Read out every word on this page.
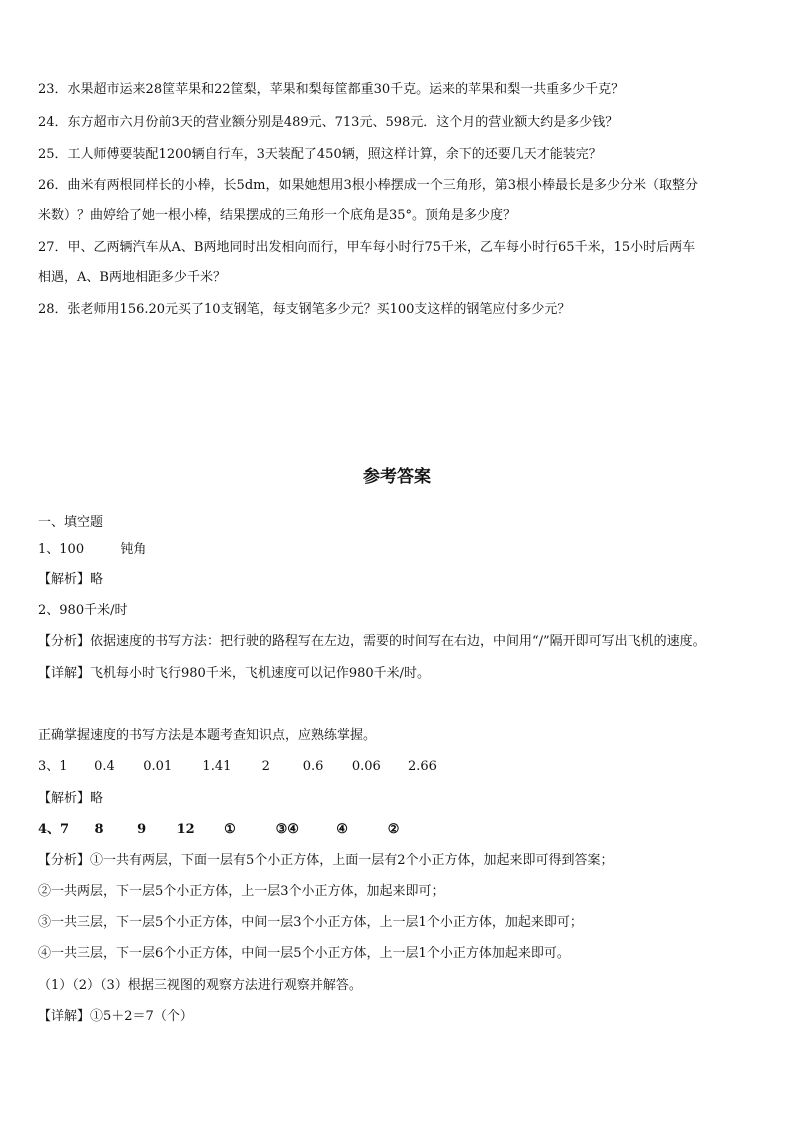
23．水果超市运来28筐苹果和22筐梨，苹果和梨每筐都重30千克。运来的苹果和梨一共重多少千克？
24．东方超市六月份前3天的营业额分别是489元、713元、598元．这个月的营业额大约是多少钱？
25．工人师傅要装配1200辆自行车，3天装配了450辆，照这样计算，余下的还要几天才能装完？
26．曲米有两根同样长的小棒，长5dm，如果她想用3根小棒摆成一个三角形，第3根小棒最长是多少分米（取整分
米数）？曲婷给了她一根小棒，结果摆成的三角形一个底角是35°。顶角是多少度？
27．甲、乙两辆汽车从A、B两地同时出发相向而行，甲车每小时行75千米，乙车每小时行65千米，15小时后两车
相遇，A、B两地相距多少千米？
28．张老师用156.20元买了10支钢笔，每支钢笔多少元？买100支这样的钢笔应付多少元？
参考答案
一、填空题
1、100	钝角
【解析】略
2、980千米/时
【分析】依据速度的书写方法：把行驶的路程写在左边，需要的时间写在右边，中间用“/”隔开即可写出飞机的速度。
【详解】飞机每小时飞行980千米，飞机速度可以记作980千米/时。
正确掌握速度的书写方法是本题考查知识点，应熟练掌握。
3、1 0.4 0.01 1.41 2	0.6 0.06 2.66
【解析】略
4、7 8	9 12 ①	③④	④	②
【分析】①一共有两层，下面一层有5个小正方体，上面一层有2个小正方体，加起来即可得到答案；
②一共两层，下一层5个小正方体，上一层3个小正方体，加起来即可；
③一共三层，下一层5个小正方体，中间一层3个小正方体，上一层1个小正方体，加起来即可；
④一共三层，下一层6个小正方体，中间一层5个小正方体，上一层1个小正方体加起来即可。
（1）（2）（3）根据三视图的观察方法进行观察并解答。
【详解】①5＋2＝7（个）
